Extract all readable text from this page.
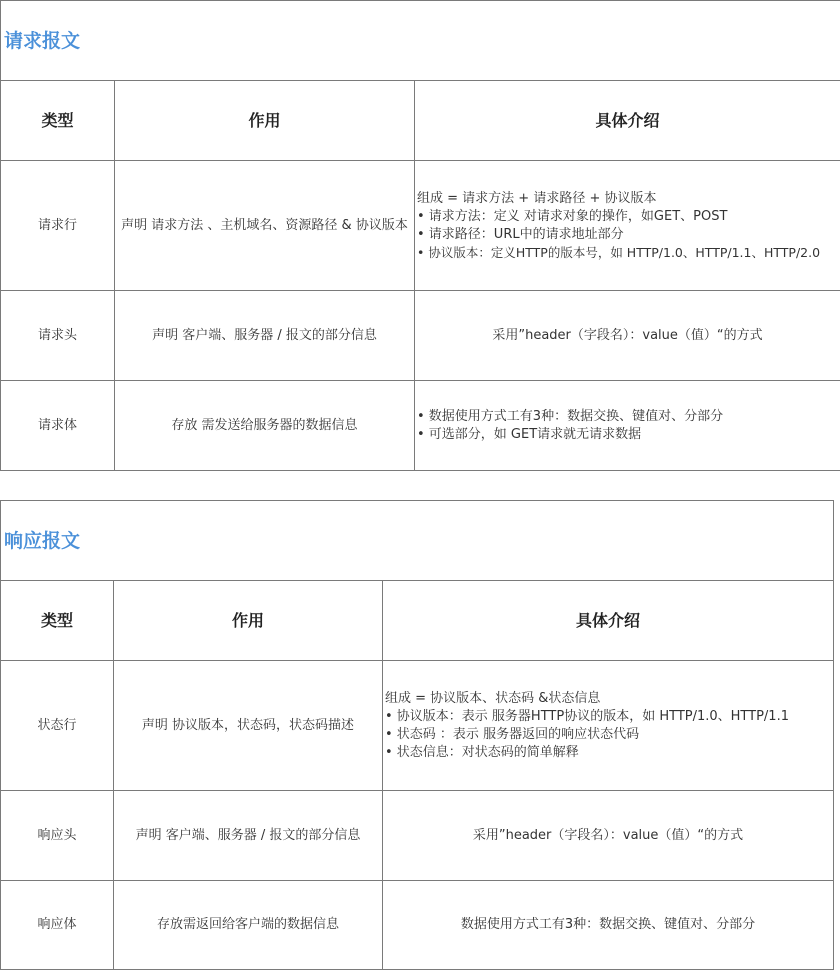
请求报文		
类型	作用	具体介绍
请求行	声明 请求方法 、主机域名、资源路径 & 协议版本	组成 = 请求方法 + 请求路径 + 协议版本
• 请求方法：定义 对请求对象的操作，如GET、POST
• 请求路径：URL中的请求地址部分
• 协议版本：定义HTTP的版本号，如 HTTP/1.0、HTTP/1.1、HTTP/2.0

请求头	声明 客户端、服务器 / 报文的部分信息	采用”header（字段名）：value（值）“的方式

请求体	存放 需发送给服务器的数据信息	• 数据使用方式工有3种：数据交换、键值对、分部分
• 可选部分，如 GET请求就无请求数据
响应报文		
类型	作用	具体介绍
状态行	声明 协议版本，状态码，状态码描述	组成 = 协议版本、状态码 &状态信息
• 协议版本：表示 服务器HTTP协议的版本，如 HTTP/1.0、HTTP/1.1
• 状态码 ：表示 服务器返回的响应状态代码
• 状态信息：对状态码的简单解释

响应头	声明 客户端、服务器 / 报文的部分信息	采用”header（字段名）：value（值）“的方式

响应体	存放需返回给客户端的数据信息	数据使用方式工有3种：数据交换、键值对、分部分
